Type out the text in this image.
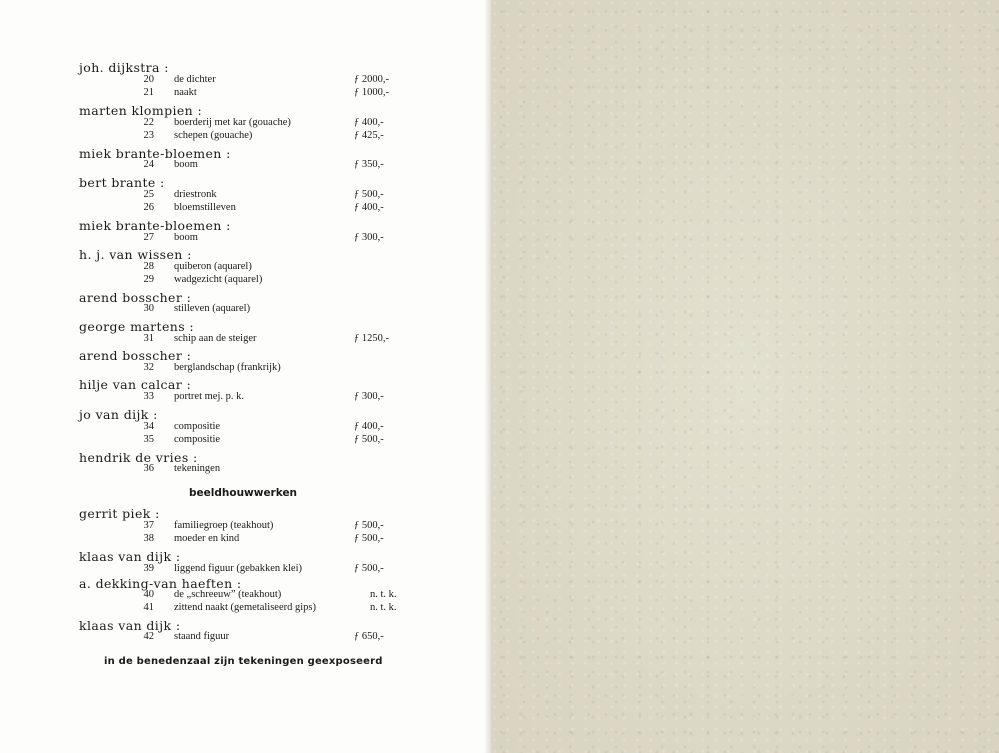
joh. dijkstra :
20 de dichter	ƒ 2000,-
21 naakt	ƒ 1000,-
marten klompien :
22 boerderij met kar (gouache)	ƒ 400,-
23 schepen (gouache)	ƒ 425,-
miek brante-bloemen :
24 boom	ƒ 350,-
bert brante :
25 driestronk	ƒ 500,-
26 bloemstilleven	ƒ 400,-
miek brante-bloemen :
27 boom	ƒ 300,-
h. j. van wissen :
28 quiberon (aquarel)
29 wadgezicht (aquarel)
arend bosscher :
30 stilleven (aquarel)
george martens :
31 schip aan de steiger	ƒ 1250,-
arend bosscher :
32 berglandschap (frankrijk)
hilje van calcar :
33 portret mej. p. k.	ƒ 300,-
jo van dijk :
34 compositie	ƒ 400,-
35 compositie	ƒ 500,-
hendrik de vries :
36 tekeningen
beeldhouwwerken
gerrit piek :
37 familiegroep (teakhout)	ƒ 500,-
38 moeder en kind	ƒ 500,-
klaas van dijk :
39 liggend figuur (gebakken klei)	ƒ 500,-
a. dekking-van haeften :
40 de „schreeuw” (teakhout)	n. t. k.
41 zittend naakt (gemetaliseerd gips)	n. t. k.
klaas van dijk :
42 staand figuur	ƒ 650,-
in de benedenzaal zijn tekeningen geexposeerd
